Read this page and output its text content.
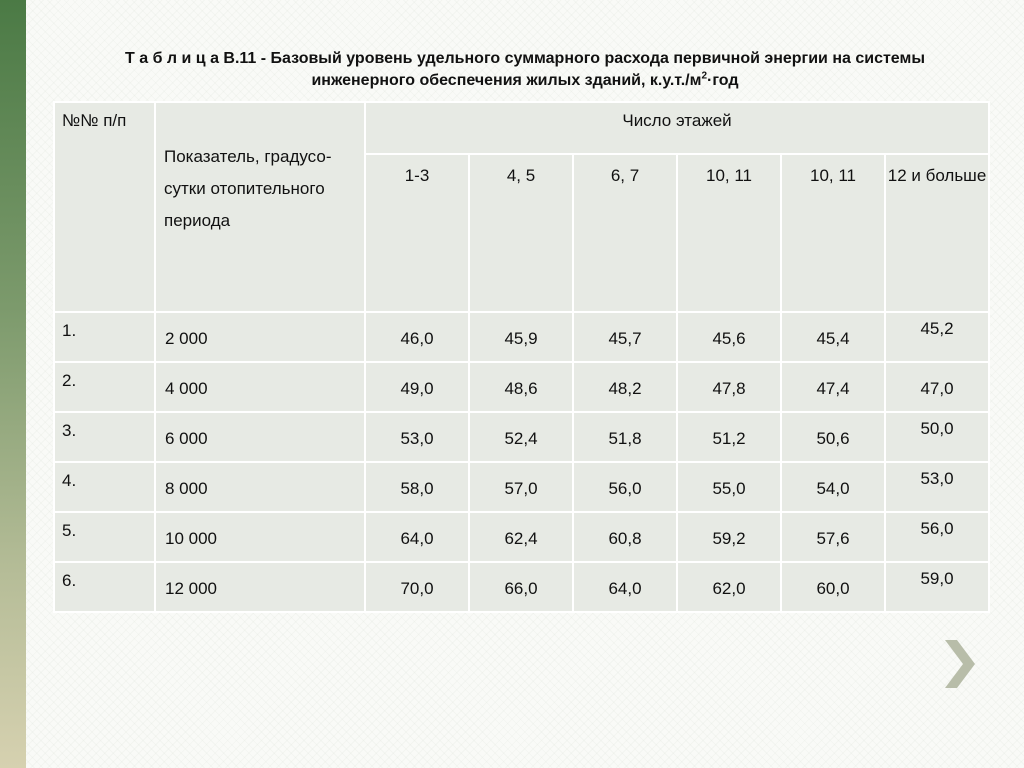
Т а б л и ц а В.11 - Базовый уровень удельного суммарного расхода первичной энергии на системы
инженерного обеспечения жилых зданий, $к.у.т./м^2\cdot год$
№№ п/п	Показатель, градусо-сутки отопительного периода	Число этажей					
		1-3	4, 5	6, 7	10, 11	10, 11	12 и больше
1.	2 000	46,0	45,9	45,7	45,6	45,4	45,2
2.	4 000	49,0	48,6	48,2	47,8	47,4	47,0
3.	6 000	53,0	52,4	51,8	51,2	50,6	50,0
4.	8 000	58,0	57,0	56,0	55,0	54,0	53,0
5.	10 000	64,0	62,4	60,8	59,2	57,6	56,0
6.	12 000	70,0	66,0	64,0	62,0	60,0	59,0
